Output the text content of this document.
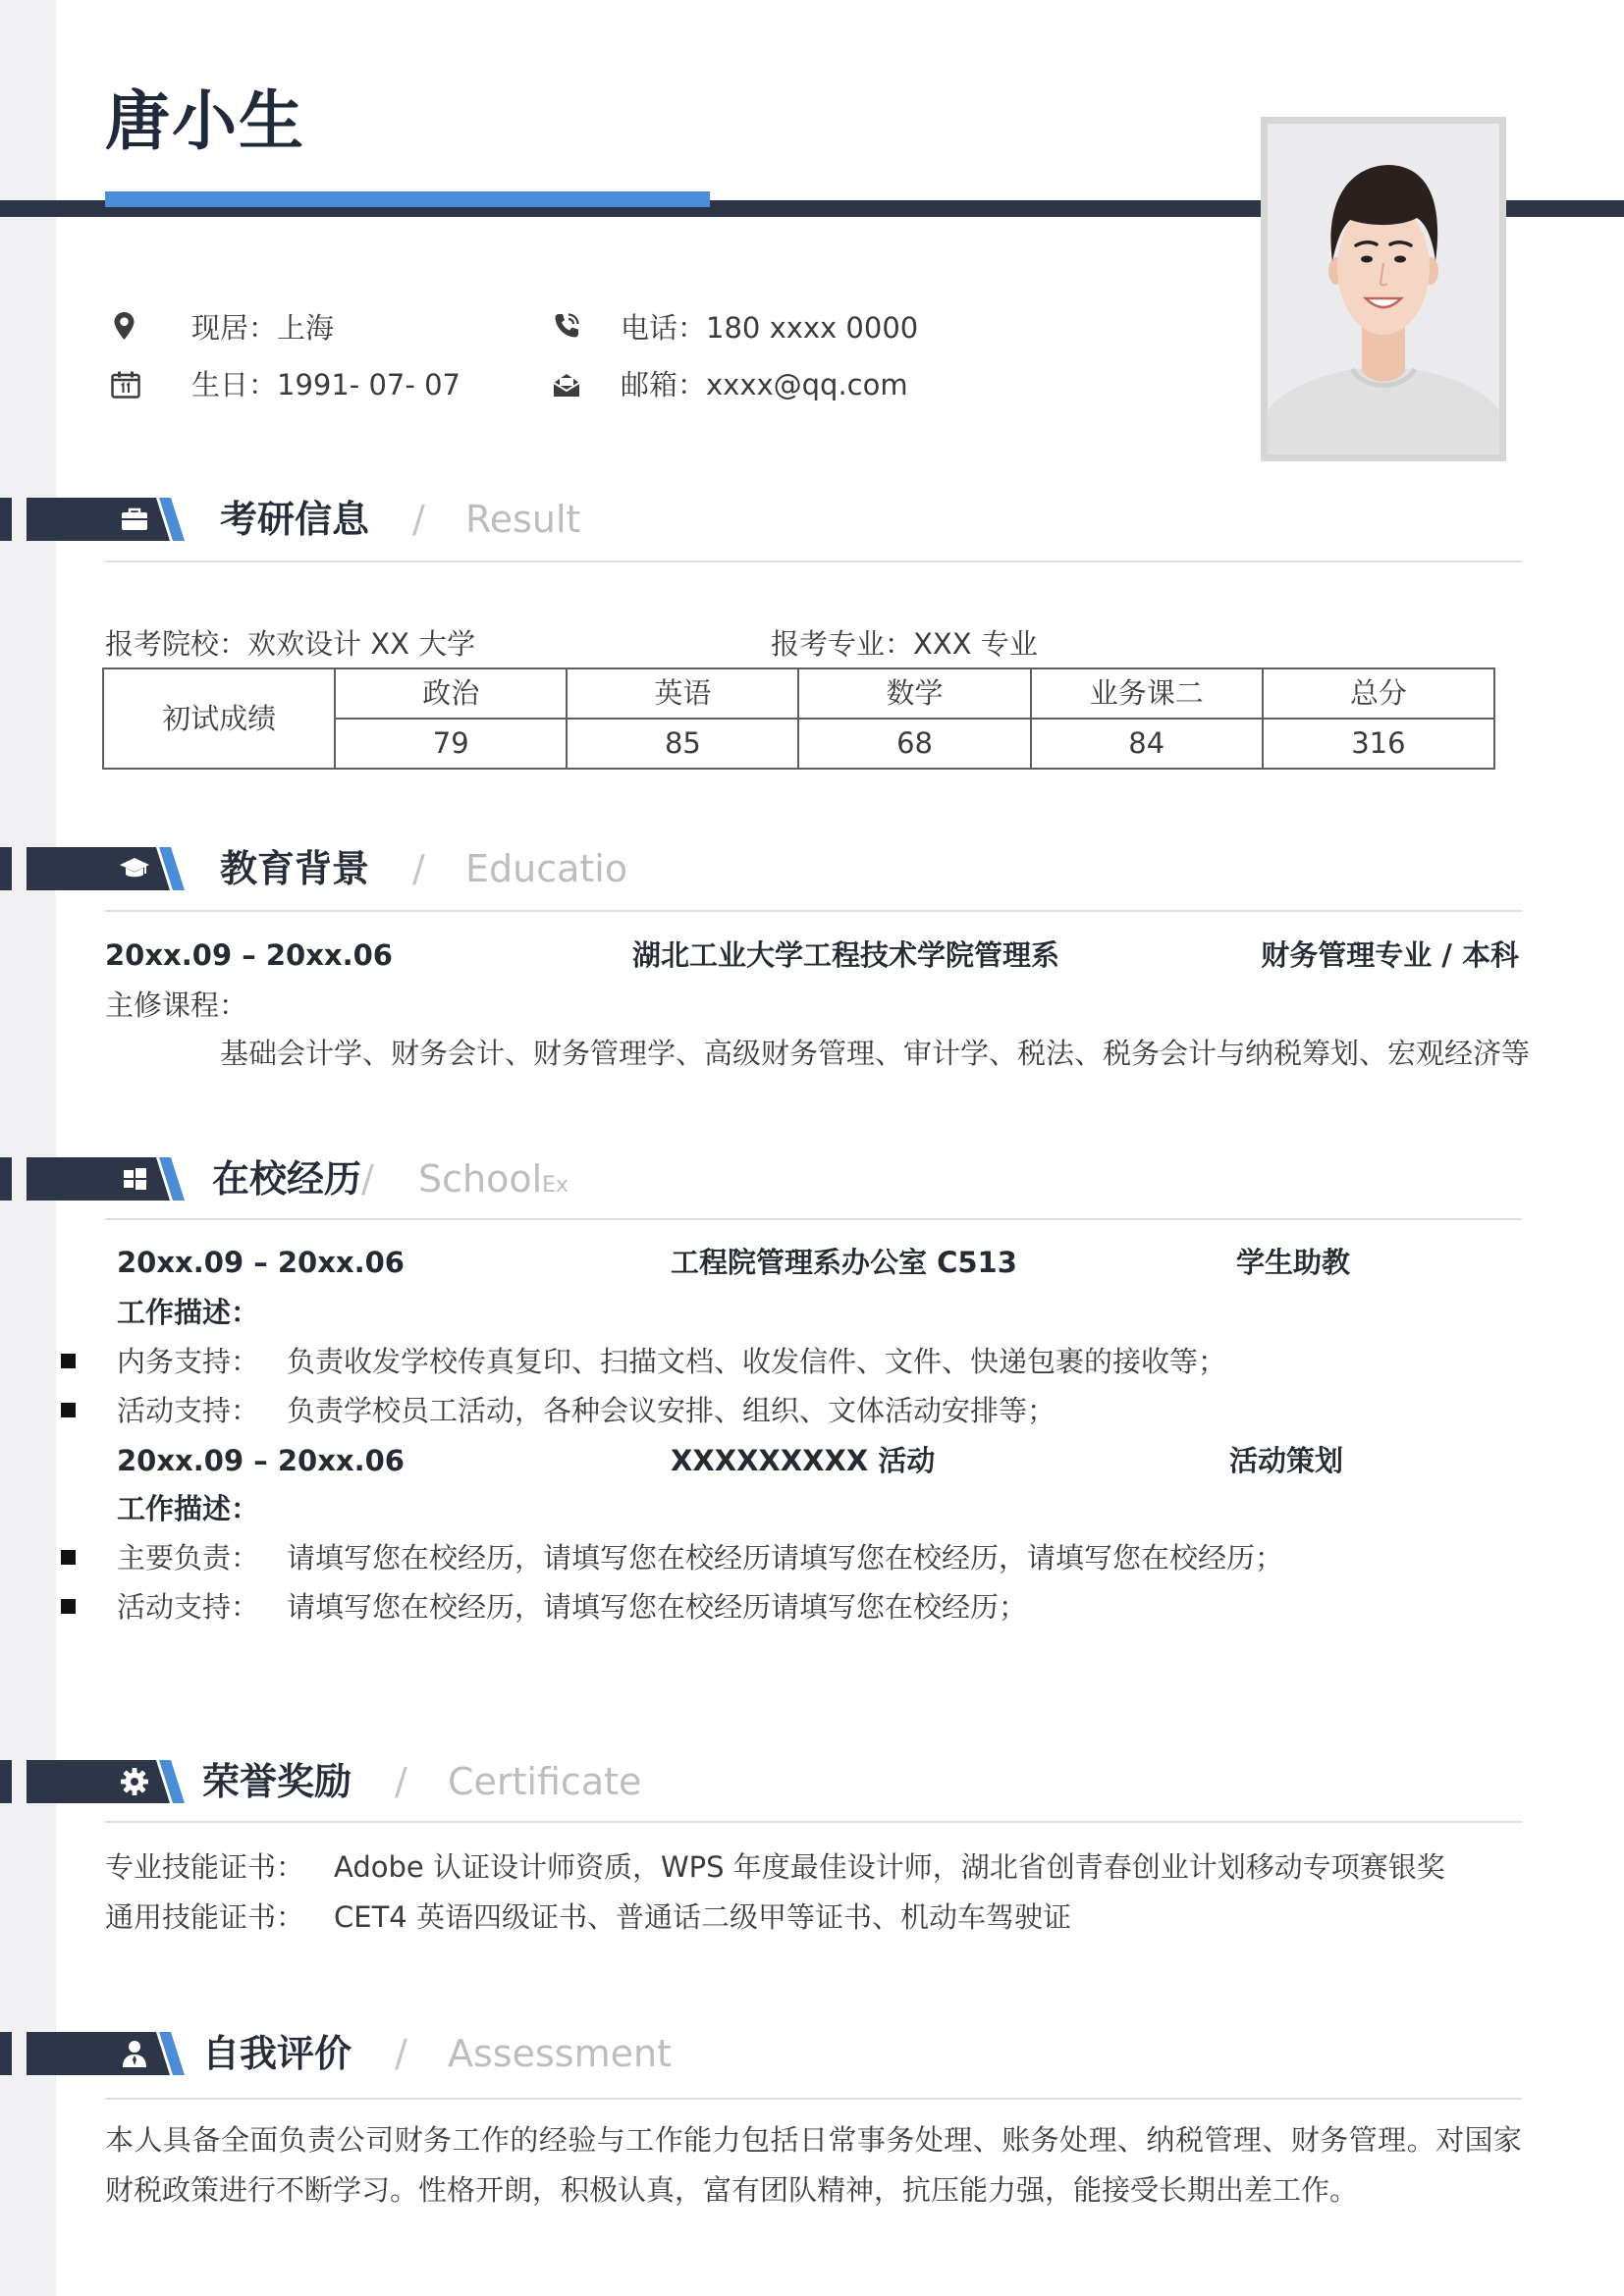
唐小生
现居：上海	电话：180 xxxx 0000
生日：1991- 07- 07	邮箱：xxxx@qq.com
考研信息 / Result
报考院校：欢欢设计 XX 大学	报考专业：XXX 专业
初试成绩	政治	英语	数学	业务课二	总分
	79	85	68	84	316
教育背景 / Educatio
20xx.09 – 20xx.06	湖北工业大学工程技术学院管理系	财务管理专业 / 本科
主修课程：
基础会计学、财务会计、财务管理学、高级财务管理、审计学、税法、税务会计与纳税筹划、宏观经济等
在校经历 / SchoolEx
20xx.09 – 20xx.06	工程院管理系办公室 C513	学生助教
工作描述：
内务支持： 负责收发学校传真复印、扫描文档、收发信件、文件、快递包裹的接收等；
活动支持： 负责学校员工活动，各种会议安排、组织、文体活动安排等；
20xx.09 – 20xx.06	XXXXXXXXX 活动	活动策划
工作描述：
主要负责： 请填写您在校经历，请填写您在校经历请填写您在校经历，请填写您在校经历；
活动支持： 请填写您在校经历，请填写您在校经历请填写您在校经历；
荣誉奖励 / Certificate
专业技能证书： Adobe 认证设计师资质，WPS 年度最佳设计师，湖北省创青春创业计划移动专项赛银奖
通用技能证书： CET4 英语四级证书、普通话二级甲等证书、机动车驾驶证
自我评价 / Assessment
本人具备全面负责公司财务工作的经验与工作能力包括日常事务处理、账务处理、纳税管理、财务管理。对国家财税政策进行不断学习。性格开朗，积极认真，富有团队精神，抗压能力强，能接受长期出差工作。
